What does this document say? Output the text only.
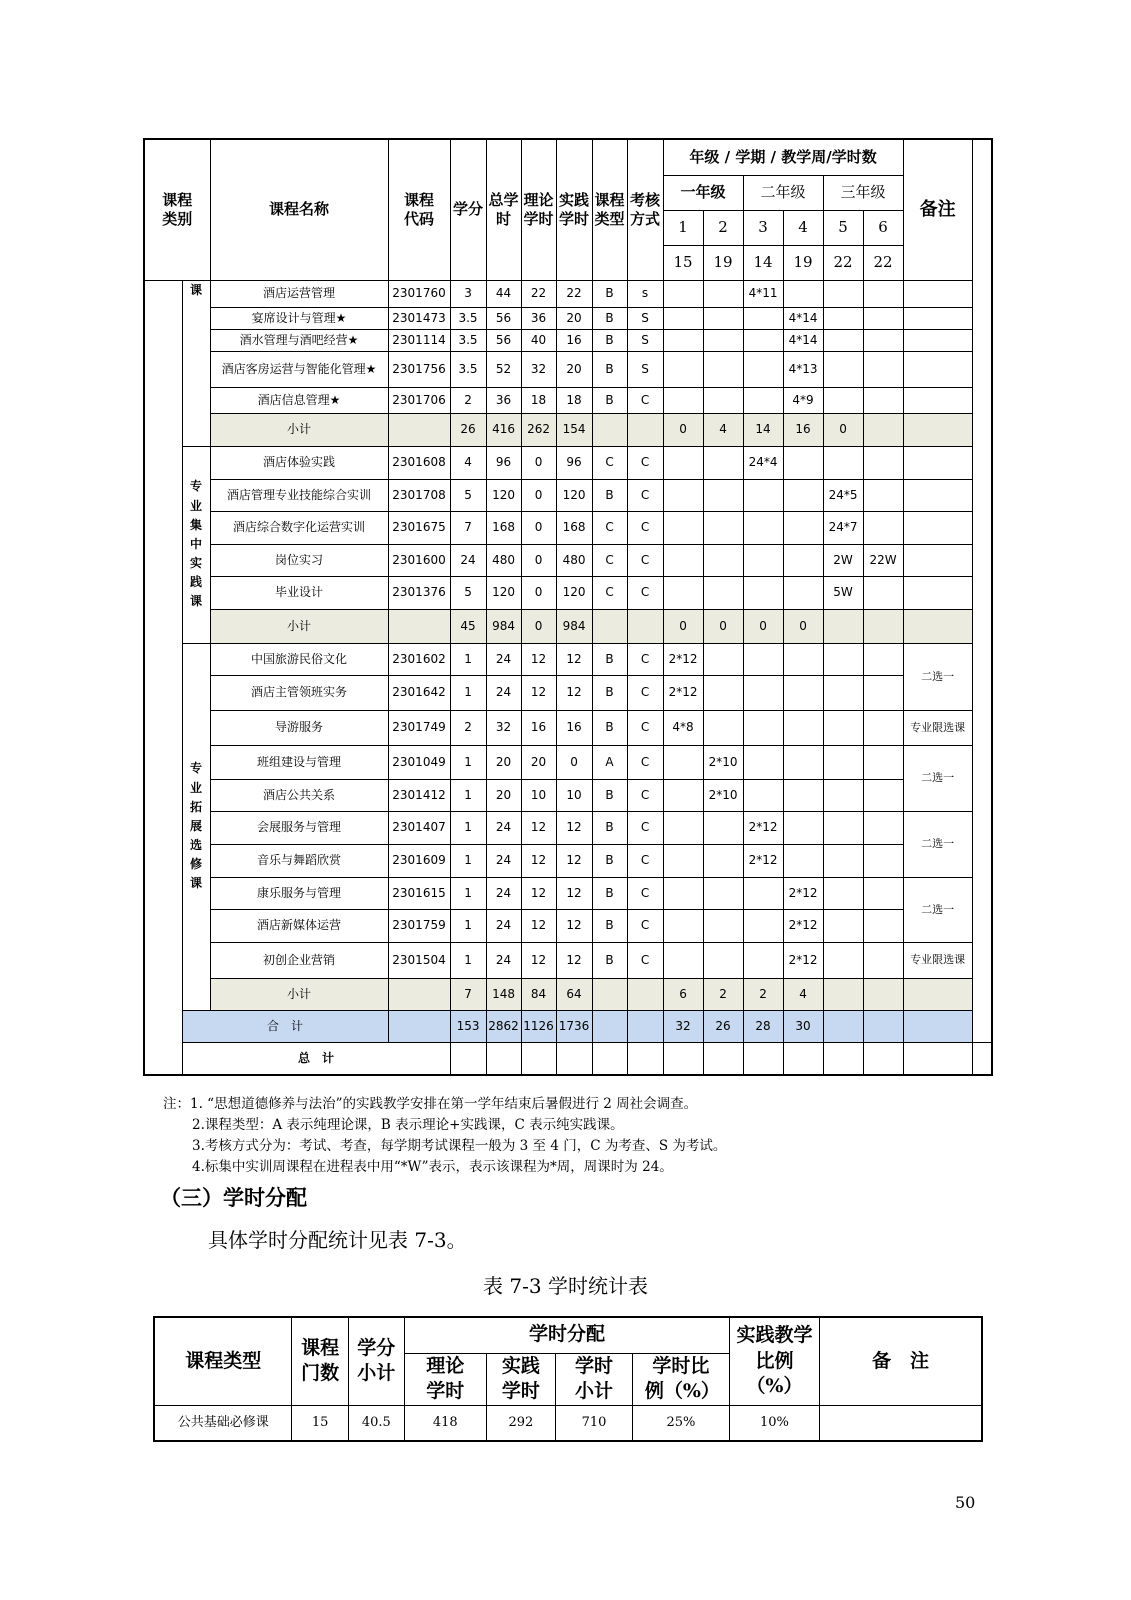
课程类别		课程名称	课程代码	学分	总学时	理论学时	实践学时	课程类型	考核方式	年级 / 学期 / 教学周/学时数						备注	
										一年级		二年级		三年级			
										1	2	3	4	5	6		
										15	19	14	19	22	22		
	课	酒店运营管理	2301760	3	44	22	22	B	s			4*11					
		宴席设计与管理★	2301473	3.5	56	36	20	B	S				4*14				
		酒水管理与酒吧经营★	2301114	3.5	56	40	16	B	S				4*14				
		酒店客房运营与智能化管理★	2301756	3.5	52	32	20	B	S				4*13				
		酒店信息管理★	2301706	2	36	18	18	B	C				4*9				
		小计		26	416	262	154			0	4	14	16	0			
	专业集中实践课	酒店体验实践	2301608	4	96	0	96	C	C			24*4					
		酒店管理专业技能综合实训	2301708	5	120	0	120	B	C					24*5			
		酒店综合数字化运营实训	2301675	7	168	0	168	C	C					24*7			
		岗位实习	2301600	24	480	0	480	C	C					2W	22W		
		毕业设计	2301376	5	120	0	120	C	C					5W			
		小计		45	984	0	984			0	0	0	0				
	专业拓展选修课	中国旅游民俗文化	2301602	1	24	12	12	B	C	2*12						二选一	
		酒店主管领班实务	2301642	1	24	12	12	B	C	2*12							
		导游服务	2301749	2	32	16	16	B	C	4*8						专业限选课	
		班组建设与管理	2301049	1	20	20	0	A	C		2*10					二选一	
		酒店公共关系	2301412	1	20	10	10	B	C		2*10						
		会展服务与管理	2301407	1	24	12	12	B	C			2*12				二选一	
		音乐与舞蹈欣赏	2301609	1	24	12	12	B	C			2*12					
		康乐服务与管理	2301615	1	24	12	12	B	C				2*12			二选一	
		酒店新媒体运营	2301759	1	24	12	12	B	C				2*12				
		初创企业营销	2301504	1	24	12	12	B	C				2*12			专业限选课	
		小计		7	148	84	64			6	2	2	4				
	合　计			153	2862	1126	1736			32	26	28	30				
	总　计																
注：1. “思想道德修养与法治”的实践教学安排在第一学年结束后暑假进行 2 周社会调查。
2.课程类型：A 表示纯理论课，B 表示理论+实践课，C 表示纯实践课。
3.考核方式分为：考试、考查，每学期考试课程一般为 3 至 4 门，C 为考查、S 为考试。
4.标集中实训周课程在进程表中用“*W”表示，表示该课程为*周，周课时为 24。
（三）学时分配
具体学时分配统计见表 7-3。
表 7-3 学时统计表
课程类型	课程门数	学分小计	学时分配				实践教学比例（%）	备　注
			理论学时	实践学时	学时小计	学时比例（%）		
公共基础必修课	15	40.5	418	292	710	25%	10%	
50
